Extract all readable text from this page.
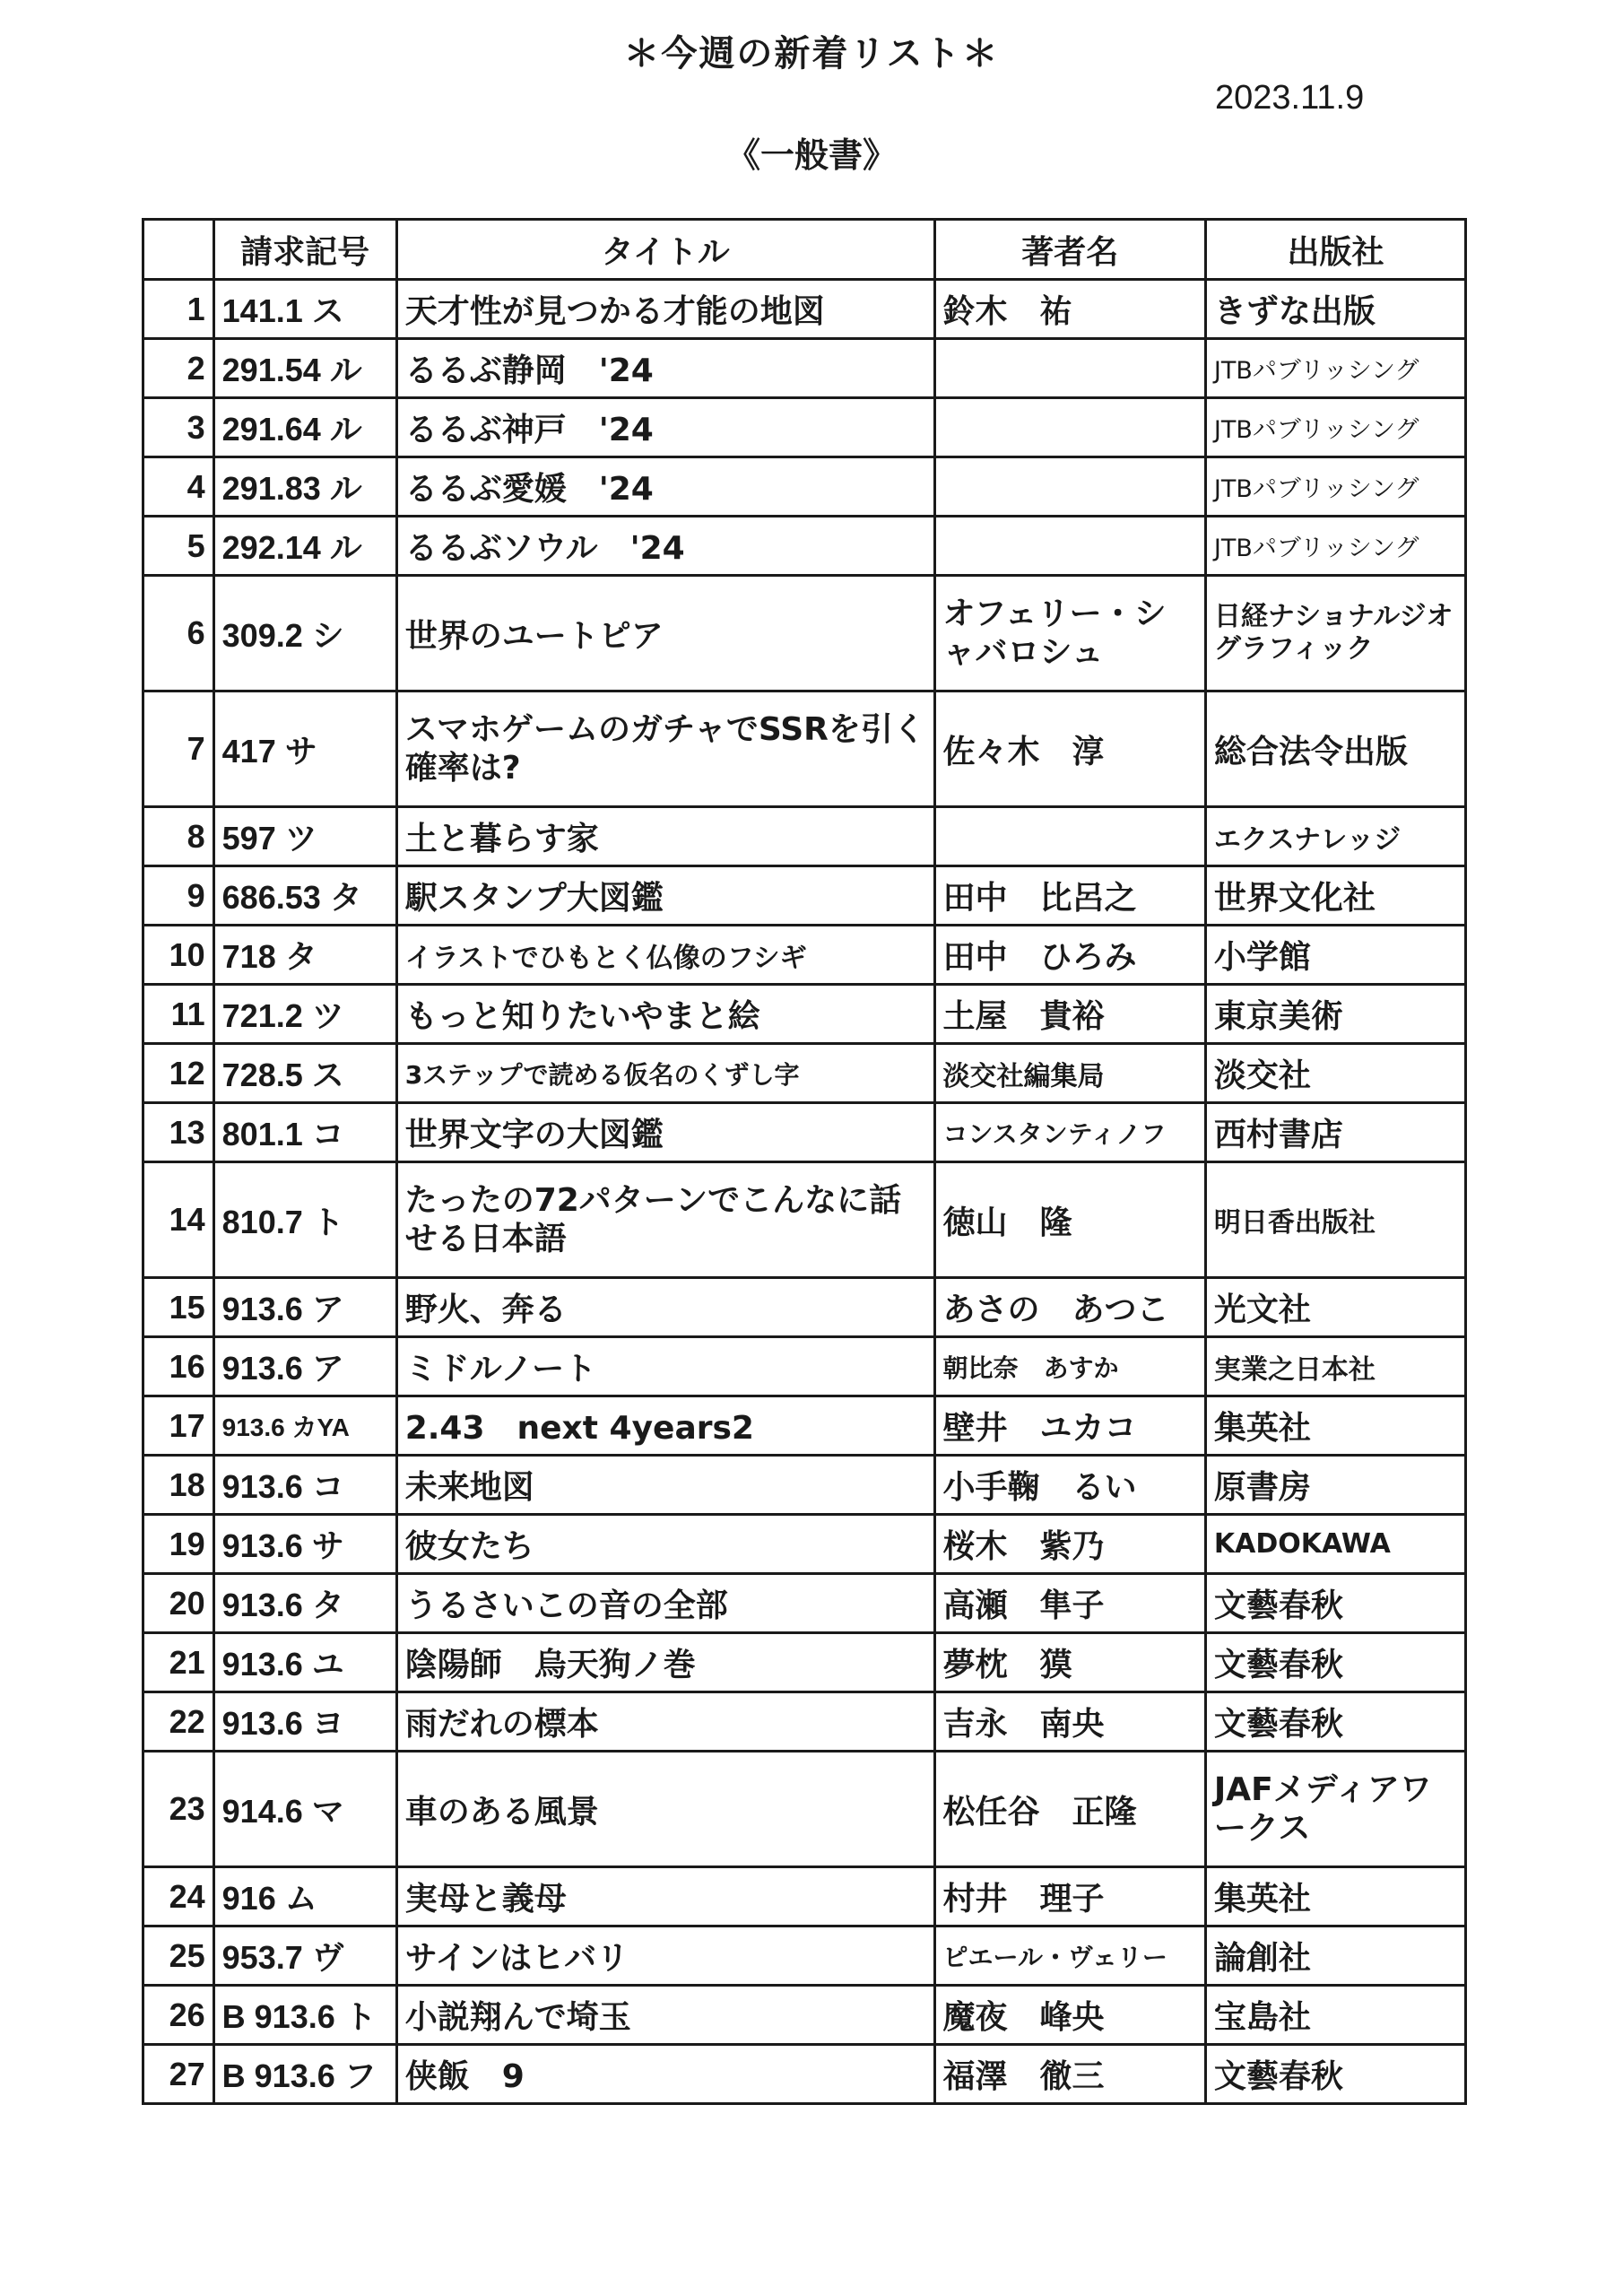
＊今週の新着リスト＊
2023.11.9
《一般書》
	請求記号	タイトル	著者名	出版社
1	141.1 ス	天才性が見つかる才能の地図	鈴木　祐	きずな出版
2	291.54 ル	るるぶ静岡　'24		JTBパブリッシング
3	291.64 ル	るるぶ神戸　'24		JTBパブリッシング
4	291.83 ル	るるぶ愛媛　'24		JTBパブリッシング
5	292.14 ル	るるぶソウル　'24		JTBパブリッシング
6	309.2 シ	世界のユートピア	オフェリー・シャバロシュ	日経ナショナルジオグラフィック
7	417 サ	スマホゲームのガチャでSSRを引く確率は?	佐々木　淳	総合法令出版
8	597 ツ	土と暮らす家		エクスナレッジ
9	686.53 タ	駅スタンプ大図鑑	田中　比呂之	世界文化社
10	718 タ	イラストでひもとく仏像のフシギ	田中　ひろみ	小学館
11	721.2 ツ	もっと知りたいやまと絵	土屋　貴裕	東京美術
12	728.5 ス	3ステップで読める仮名のくずし字	淡交社編集局	淡交社
13	801.1 コ	世界文字の大図鑑	コンスタンティノフ	西村書店
14	810.7 ト	たったの72パターンでこんなに話せる日本語	徳山　隆	明日香出版社
15	913.6 ア	野火、奔る	あさの　あつこ	光文社
16	913.6 ア	ミドルノート	朝比奈　あすか	実業之日本社
17	913.6 カYA	2.43　next 4years2	壁井　ユカコ	集英社
18	913.6 コ	未来地図	小手鞠　るい	原書房
19	913.6 サ	彼女たち	桜木　紫乃	KADOKAWA
20	913.6 タ	うるさいこの音の全部	高瀬　隼子	文藝春秋
21	913.6 ユ	陰陽師　烏天狗ノ巻	夢枕　獏	文藝春秋
22	913.6 ヨ	雨だれの標本	吉永　南央	文藝春秋
23	914.6 マ	車のある風景	松任谷　正隆	JAFメディアワークス
24	916 ム	実母と義母	村井　理子	集英社
25	953.7 ヴ	サインはヒバリ	ピエール・ヴェリー	論創社
26	B 913.6 ト	小説翔んで埼玉	魔夜　峰央	宝島社
27	B 913.6 フ	侠飯　9	福澤　徹三	文藝春秋
